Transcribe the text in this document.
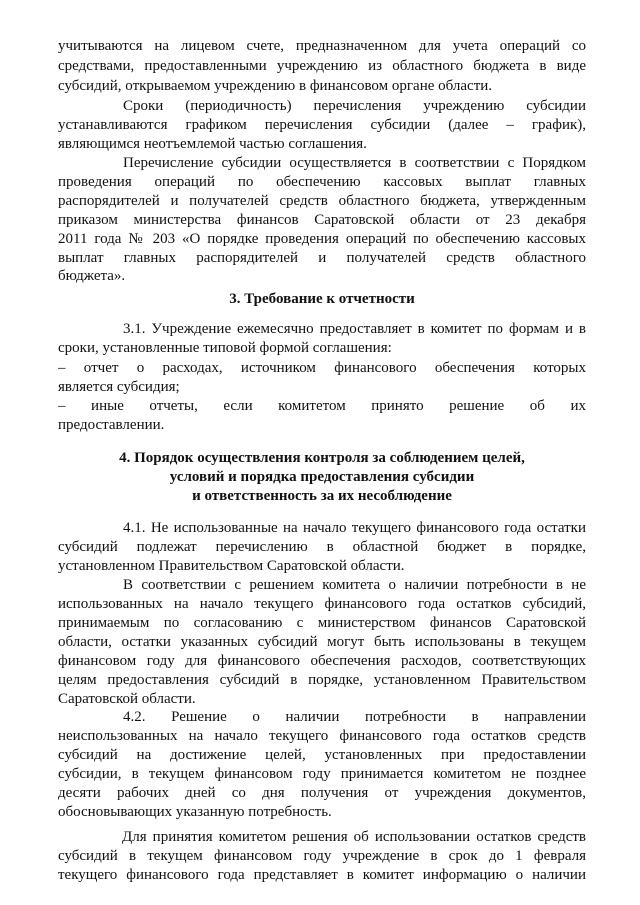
учитываются на лицевом счете, предназначенном для учета операций со
средствами, предоставленными учреждению из областного бюджета в виде
субсидий, открываемом учреждению в финансовом органе области.
Сроки (периодичность) перечисления учреждению субсидии
устанавливаются графиком перечисления субсидии (далее – график),
являющимся неотъемлемой частью соглашения.
Перечисление субсидии осуществляется в соответствии с Порядком
проведения операций по обеспечению кассовых выплат главных
распорядителей и получателей средств областного бюджета, утвержденным
приказом министерства финансов Саратовской области от 23 декабря
2011 года № 203 «О порядке проведения операций по обеспечению кассовых
выплат главных распорядителей и получателей средств областного
бюджета».
3. Требование к отчетности
3.1. Учреждение ежемесячно предоставляет в комитет по формам и в
сроки, установленные типовой формой соглашения:
– отчет о расходах, источником финансового обеспечения которых
является субсидия;
– иные отчеты, если комитетом принято решение об их
предоставлении.
4. Порядок осуществления контроля за соблюдением целей,
условий и порядка предоставления субсидии
и ответственность за их несоблюдение
4.1. Не использованные на начало текущего финансового года остатки
субсидий подлежат перечислению в областной бюджет в порядке,
установленном Правительством Саратовской области.
В соответствии с решением комитета о наличии потребности в не
использованных на начало текущего финансового года остатков субсидий,
принимаемым по согласованию с министерством финансов Саратовской
области, остатки указанных субсидий могут быть использованы в текущем
финансовом году для финансового обеспечения расходов, соответствующих
целям предоставления субсидий в порядке, установленном Правительством
Саратовской области.
4.2. Решение о наличии потребности в направлении
неиспользованных на начало текущего финансового года остатков средств
субсидий на достижение целей, установленных при предоставлении
субсидии, в текущем финансовом году принимается комитетом не позднее
десяти рабочих дней со дня получения от учреждения документов,
обосновывающих указанную потребность.
Для принятия комитетом решения об использовании остатков средств
субсидий в текущем финансовом году учреждение в срок до 1 февраля
текущего финансового года представляет в комитет информацию о наличии
